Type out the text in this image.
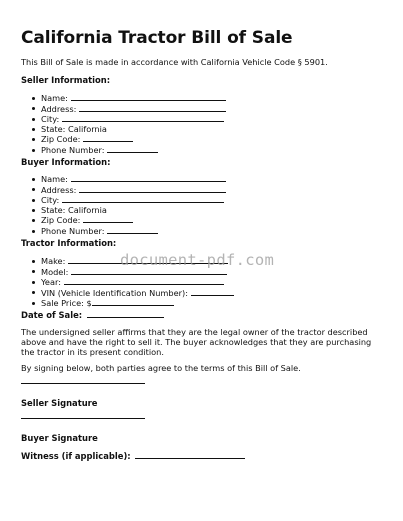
California Tractor Bill of Sale
This Bill of Sale is made in accordance with California Vehicle Code § 5901.
Seller Information:
Name:
Address:
City:
State: California
Zip Code:
Phone Number:
Buyer Information:
Name:
Address:
City:
State: California
Zip Code:
Phone Number:
Tractor Information:
Make:
Model:
Year:
VIN (Vehicle Identification Number):
Sale Price: $
document-pdf.com
Date of Sale:

The undersigned seller affirms that they are the legal owner of the tractor described above and have the right to sell it. The buyer acknowledges that they are purchasing the tractor in its present condition.

By signing below, both parties agree to the terms of this Bill of Sale.

Seller Signature
Buyer Signature
Witness (if applicable):
